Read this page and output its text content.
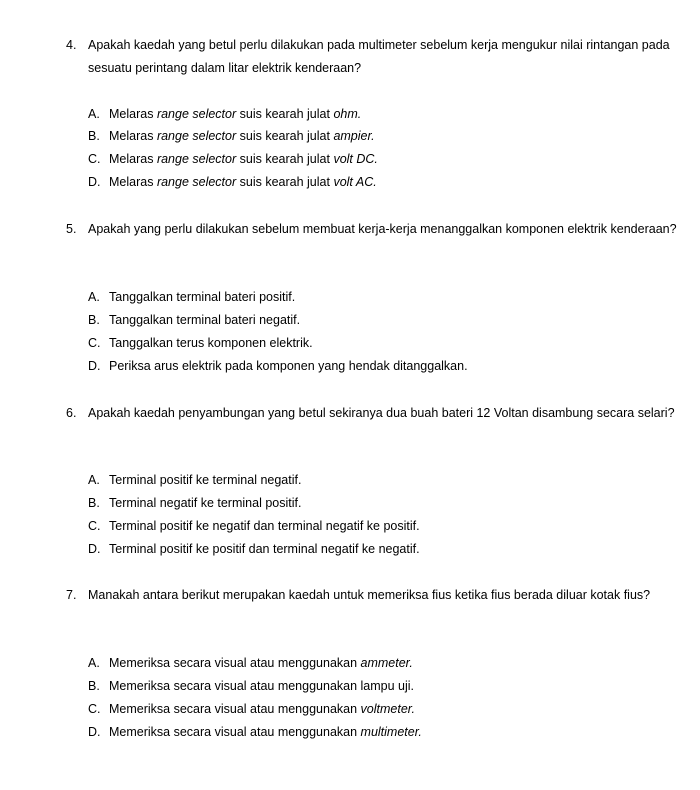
4. Apakah kaedah yang betul perlu dilakukan pada multimeter sebelum kerja mengukur nilai rintangan pada sesuatu perintang dalam litar elektrik kenderaan?
A. Melaras range selector suis kearah julat ohm.
B. Melaras range selector suis kearah julat ampier.
C. Melaras range selector suis kearah julat volt DC.
D. Melaras range selector suis kearah julat volt AC.
5. Apakah yang perlu dilakukan sebelum membuat kerja-kerja menanggalkan komponen elektrik kenderaan?
A. Tanggalkan terminal bateri positif.
B. Tanggalkan terminal bateri negatif.
C. Tanggalkan terus komponen elektrik.
D. Periksa arus elektrik pada komponen yang hendak ditanggalkan.
6. Apakah kaedah penyambungan yang betul sekiranya dua buah bateri 12 Voltan disambung secara selari?
A. Terminal positif ke terminal negatif.
B. Terminal negatif ke terminal positif.
C. Terminal positif ke negatif dan terminal negatif ke positif.
D. Terminal positif ke positif dan terminal negatif ke negatif.
7. Manakah antara berikut merupakan kaedah untuk memeriksa fius ketika fius berada diluar kotak fius?
A. Memeriksa secara visual atau menggunakan ammeter.
B. Memeriksa secara visual atau menggunakan lampu uji.
C. Memeriksa secara visual atau menggunakan voltmeter.
D. Memeriksa secara visual atau menggunakan multimeter.
